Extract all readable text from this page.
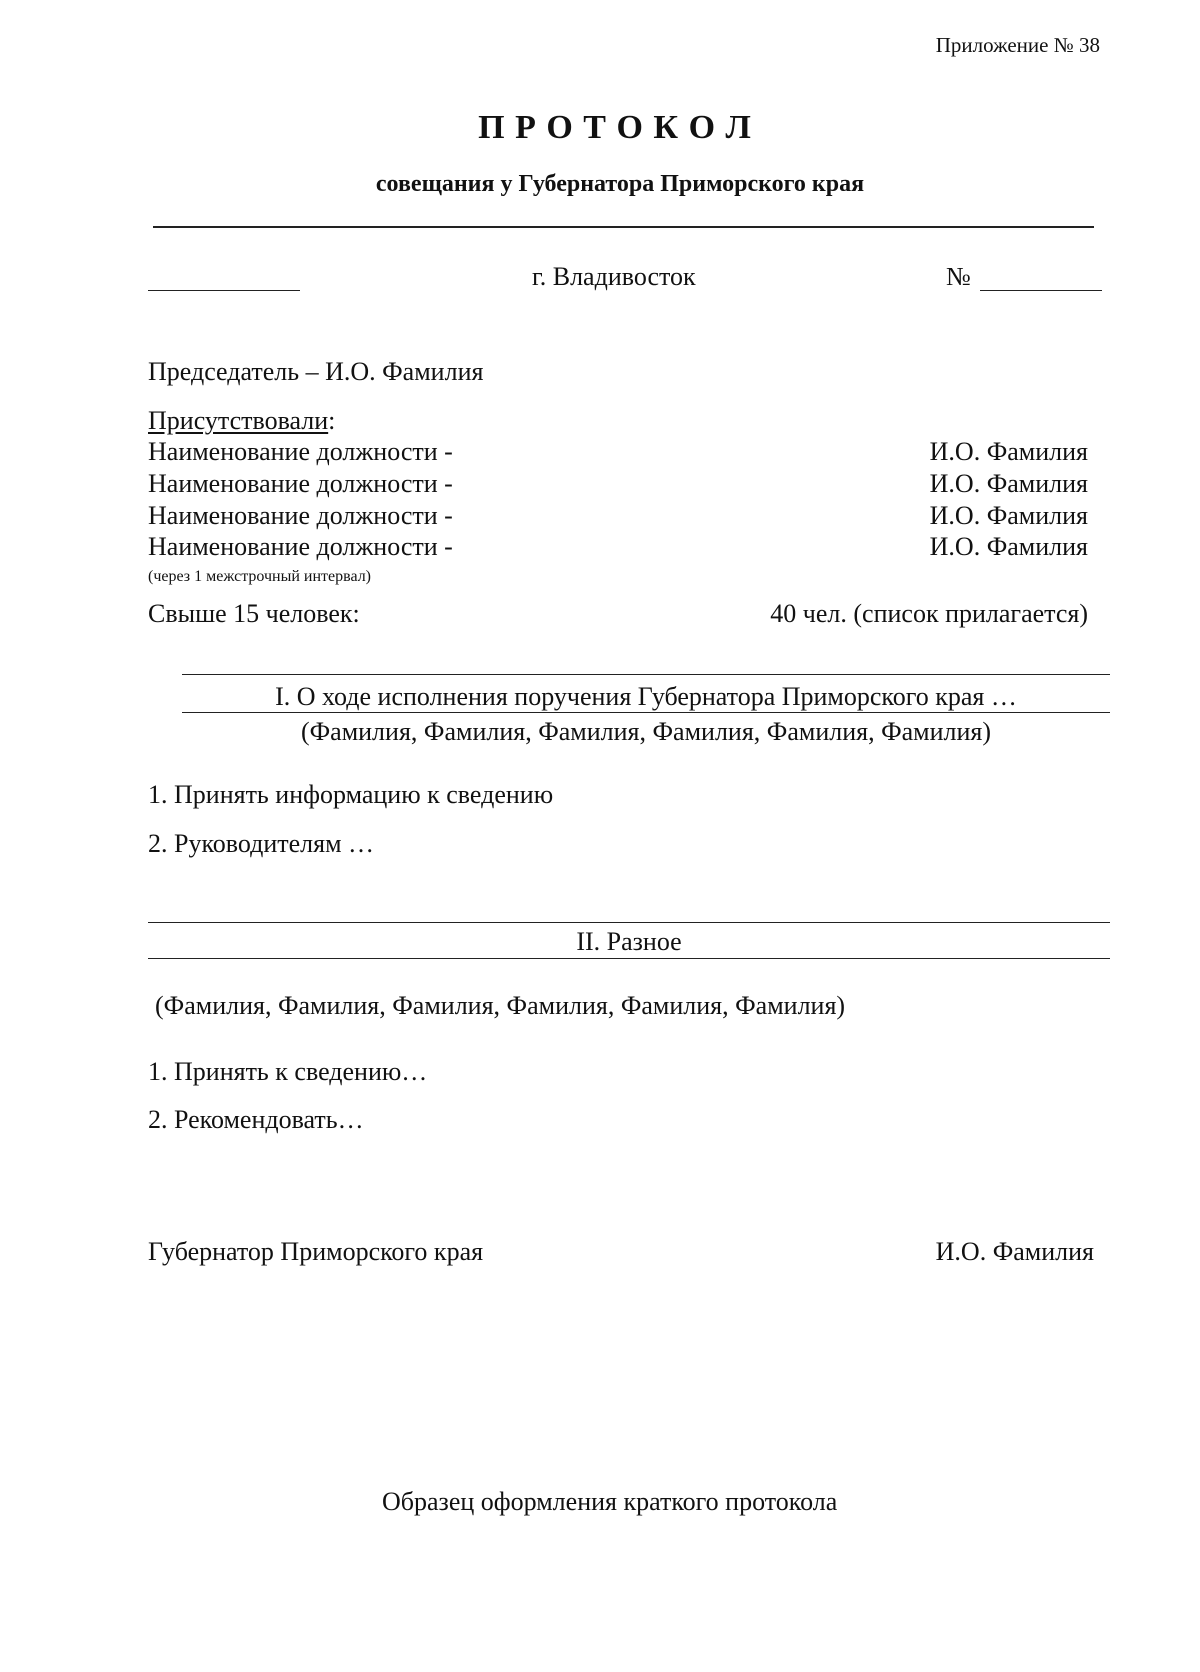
Приложение № 38
П Р О Т О К О Л
совещания у Губернатора Приморского края
г. Владивосток	№
Председатель – И.О. Фамилия
Присутствовали:
Наименование должности -	И.О. Фамилия
Наименование должности -	И.О. Фамилия
Наименование должности -	И.О. Фамилия
Наименование должности -	И.О. Фамилия
(через 1 межстрочный интервал)
Свыше 15 человек:	40 чел. (список прилагается)
I. О ходе исполнения поручения Губернатора Приморского края …
(Фамилия, Фамилия, Фамилия, Фамилия, Фамилия, Фамилия)
1. Принять информацию к сведению
2. Руководителям …
II. Разное
(Фамилия, Фамилия, Фамилия, Фамилия, Фамилия, Фамилия)
1. Принять к сведению…
2. Рекомендовать…
Губернатор Приморского края	И.О. Фамилия
Образец оформления краткого протокола
